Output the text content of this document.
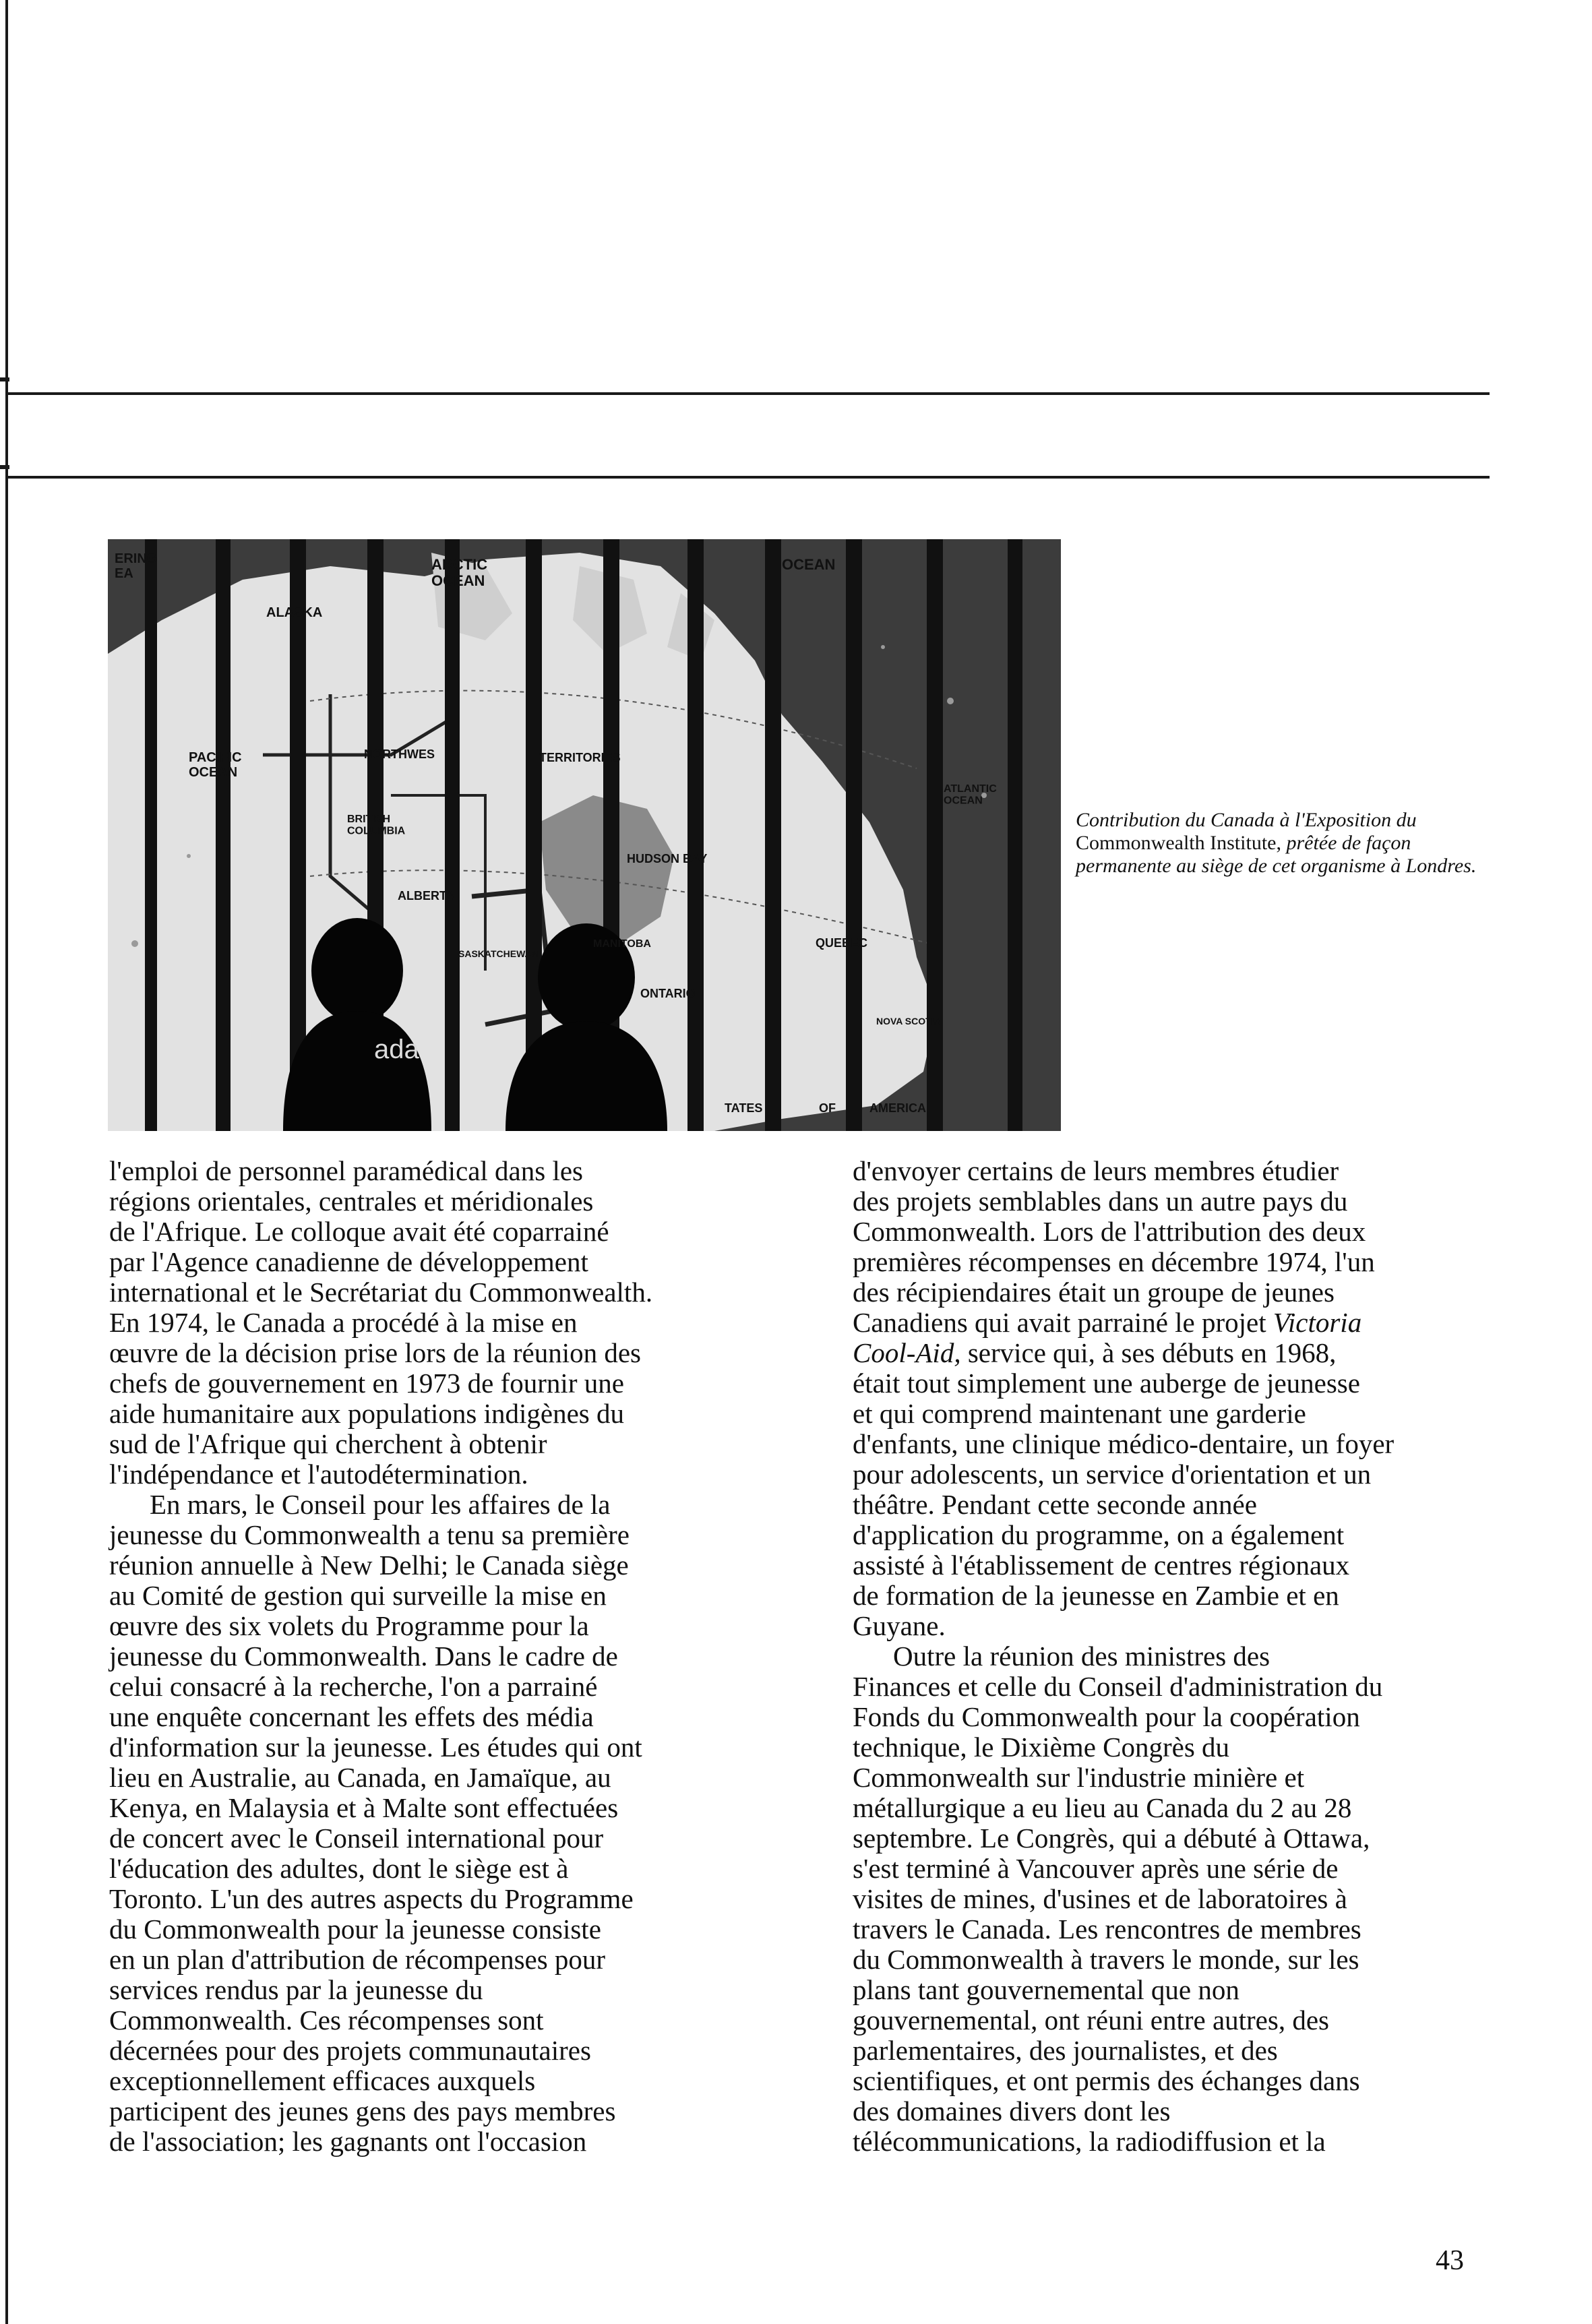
ERING EA
ARCTIC OCEAN
OCEAN
ALASKA
PACIFIC OCEAN
NORTHWES	TERRITORIES
BRITISH COLUMBIA
ALBERTA
HUDSON BAY
ATLANTIC OCEAN
QUEBEC
SASKATCHEWAN
MANITOBA
ONTARIO
NOVA SCOTIA
TATES	OF	AMERICA
ada
Contribution du Canada à l'Exposition du Commonwealth Institute, prêtée de façon permanente au siège de cet organisme à Londres.

l'emploi de personnel paramédical dans les
régions orientales, centrales et méridionales
de l'Afrique. Le colloque avait été coparrainé
par l'Agence canadienne de développement
international et le Secrétariat du Commonwealth.
En 1974, le Canada a procédé à la mise en
œuvre de la décision prise lors de la réunion des
chefs de gouvernement en 1973 de fournir une
aide humanitaire aux populations indigènes du
sud de l'Afrique qui cherchent à obtenir
l'indépendance et l'autodétermination.

En mars, le Conseil pour les affaires de la
jeunesse du Commonwealth a tenu sa première
réunion annuelle à New Delhi; le Canada siège
au Comité de gestion qui surveille la mise en
œuvre des six volets du Programme pour la
jeunesse du Commonwealth. Dans le cadre de
celui consacré à la recherche, l'on a parrainé
une enquête concernant les effets des média
d'information sur la jeunesse. Les études qui ont
lieu en Australie, au Canada, en Jamaïque, au
Kenya, en Malaysia et à Malte sont effectuées
de concert avec le Conseil international pour
l'éducation des adultes, dont le siège est à
Toronto. L'un des autres aspects du Programme
du Commonwealth pour la jeunesse consiste
en un plan d'attribution de récompenses pour
services rendus par la jeunesse du
Commonwealth. Ces récompenses sont
décernées pour des projets communautaires
exceptionnellement efficaces auxquels
participent des jeunes gens des pays membres
de l'association; les gagnants ont l'occasion

d'envoyer certains de leurs membres étudier
des projets semblables dans un autre pays du
Commonwealth. Lors de l'attribution des deux
premières récompenses en décembre 1974, l'un
des récipiendaires était un groupe de jeunes
Canadiens qui avait parrainé le projet Victoria
Cool-Aid, service qui, à ses débuts en 1968,
était tout simplement une auberge de jeunesse
et qui comprend maintenant une garderie
d'enfants, une clinique médico-dentaire, un foyer
pour adolescents, un service d'orientation et un
théâtre. Pendant cette seconde année
d'application du programme, on a également
assisté à l'établissement de centres régionaux
de formation de la jeunesse en Zambie et en
Guyane.

Outre la réunion des ministres des
Finances et celle du Conseil d'administration du
Fonds du Commonwealth pour la coopération
technique, le Dixième Congrès du
Commonwealth sur l'industrie minière et
métallurgique a eu lieu au Canada du 2 au 28
septembre. Le Congrès, qui a débuté à Ottawa,
s'est terminé à Vancouver après une série de
visites de mines, d'usines et de laboratoires à
travers le Canada. Les rencontres de membres
du Commonwealth à travers le monde, sur les
plans tant gouvernemental que non
gouvernemental, ont réuni entre autres, des
parlementaires, des journalistes, et des
scientifiques, et ont permis des échanges dans
des domaines divers dont les
télécommunications, la radiodiffusion et la

43
